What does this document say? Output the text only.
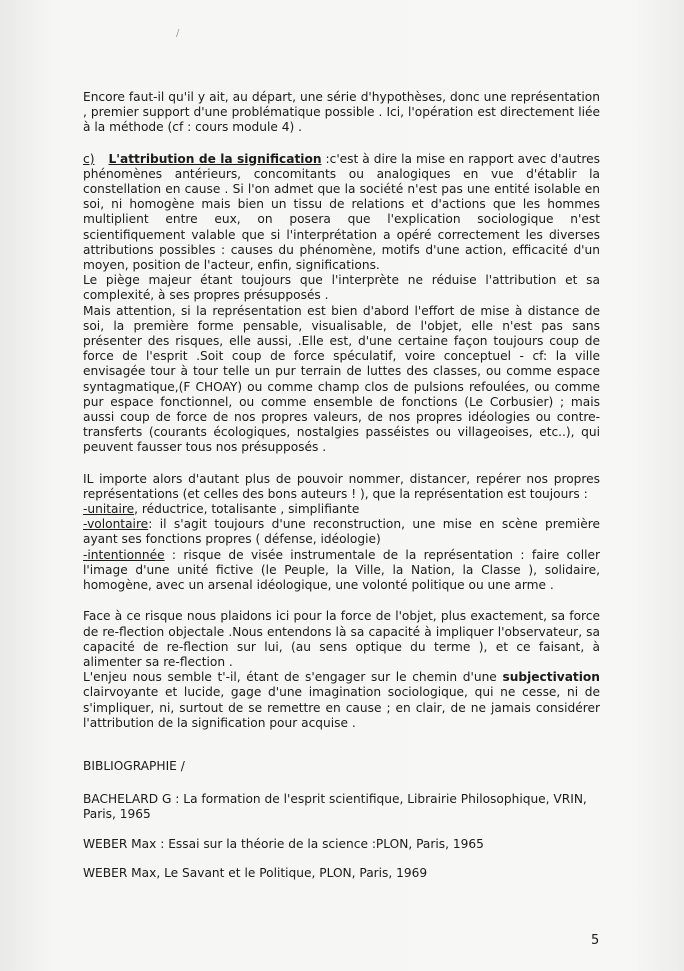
/

Encore faut-il qu'il y ait, au départ, une série d'hypothèses, donc une représentation , premier support d'une problématique possible . Ici, l'opération est directement liée à la méthode (cf : cours module 4) .

c) L'attribution de la signification :c'est à dire la mise en rapport avec d'autres phénomènes antérieurs, concomitants ou analogiques en vue d'établir la constellation en cause . Si l'on admet que la société n'est pas une entité isolable en soi, ni homogène mais bien un tissu de relations et d'actions que les hommes multiplient entre eux, on posera que l'explication sociologique n'est scientifiquement valable que si l'interprétation a opéré correctement les diverses attributions possibles : causes du phénomène, motifs d'une action, efficacité d'un moyen, position de l'acteur, enfin, significations.

Le piège majeur étant toujours que l'interprète ne réduise l'attribution et sa complexité, à ses propres présupposés .

Mais attention, si la représentation est bien d'abord l'effort de mise à distance de soi, la première forme pensable, visualisable, de l'objet, elle n'est pas sans présenter des risques, elle aussi, .Elle est, d'une certaine façon toujours coup de force de l'esprit .Soit coup de force spéculatif, voire conceptuel - cf: la ville envisagée tour à tour telle un pur terrain de luttes des classes, ou comme espace syntagmatique,(F CHOAY) ou comme champ clos de pulsions refoulées, ou comme pur espace fonctionnel, ou comme ensemble de fonctions (Le Corbusier) ; mais aussi coup de force de nos propres valeurs, de nos propres idéologies ou contre-transferts (courants écologiques, nostalgies passéistes ou villageoises, etc..), qui peuvent fausser tous nos présupposés .

IL importe alors d'autant plus de pouvoir nommer, distancer, repérer nos propres représentations (et celles des bons auteurs ! ), que la représentation est toujours :

-unitaire, réductrice, totalisante , simplifiante

-volontaire: il s'agit toujours d'une reconstruction, une mise en scène première ayant ses fonctions propres ( défense, idéologie)

-intentionnée : risque de visée instrumentale de la représentation : faire coller l'image d'une unité fictive (le Peuple, la Ville, la Nation, la Classe ), solidaire, homogène, avec un arsenal idéologique, une volonté politique ou une arme .

Face à ce risque nous plaidons ici pour la force de l'objet, plus exactement, sa force de re-flection objectale .Nous entendons là sa capacité à impliquer l'observateur, sa capacité de re-flection sur lui, (au sens optique du terme ), et ce faisant, à alimenter sa re-flection .

L'enjeu nous semble t'-il, étant de s'engager sur le chemin d'une subjectivation clairvoyante et lucide, gage d'une imagination sociologique, qui ne cesse, ni de s'impliquer, ni, surtout de se remettre en cause ; en clair, de ne jamais considérer l'attribution de la signification pour acquise .

BIBLIOGRAPHIE /

BACHELARD G : La formation de l'esprit scientifique, Librairie Philosophique, VRIN, Paris, 1965

WEBER Max : Essai sur la théorie de la science :PLON, Paris, 1965

WEBER Max, Le Savant et le Politique, PLON, Paris, 1969

5
